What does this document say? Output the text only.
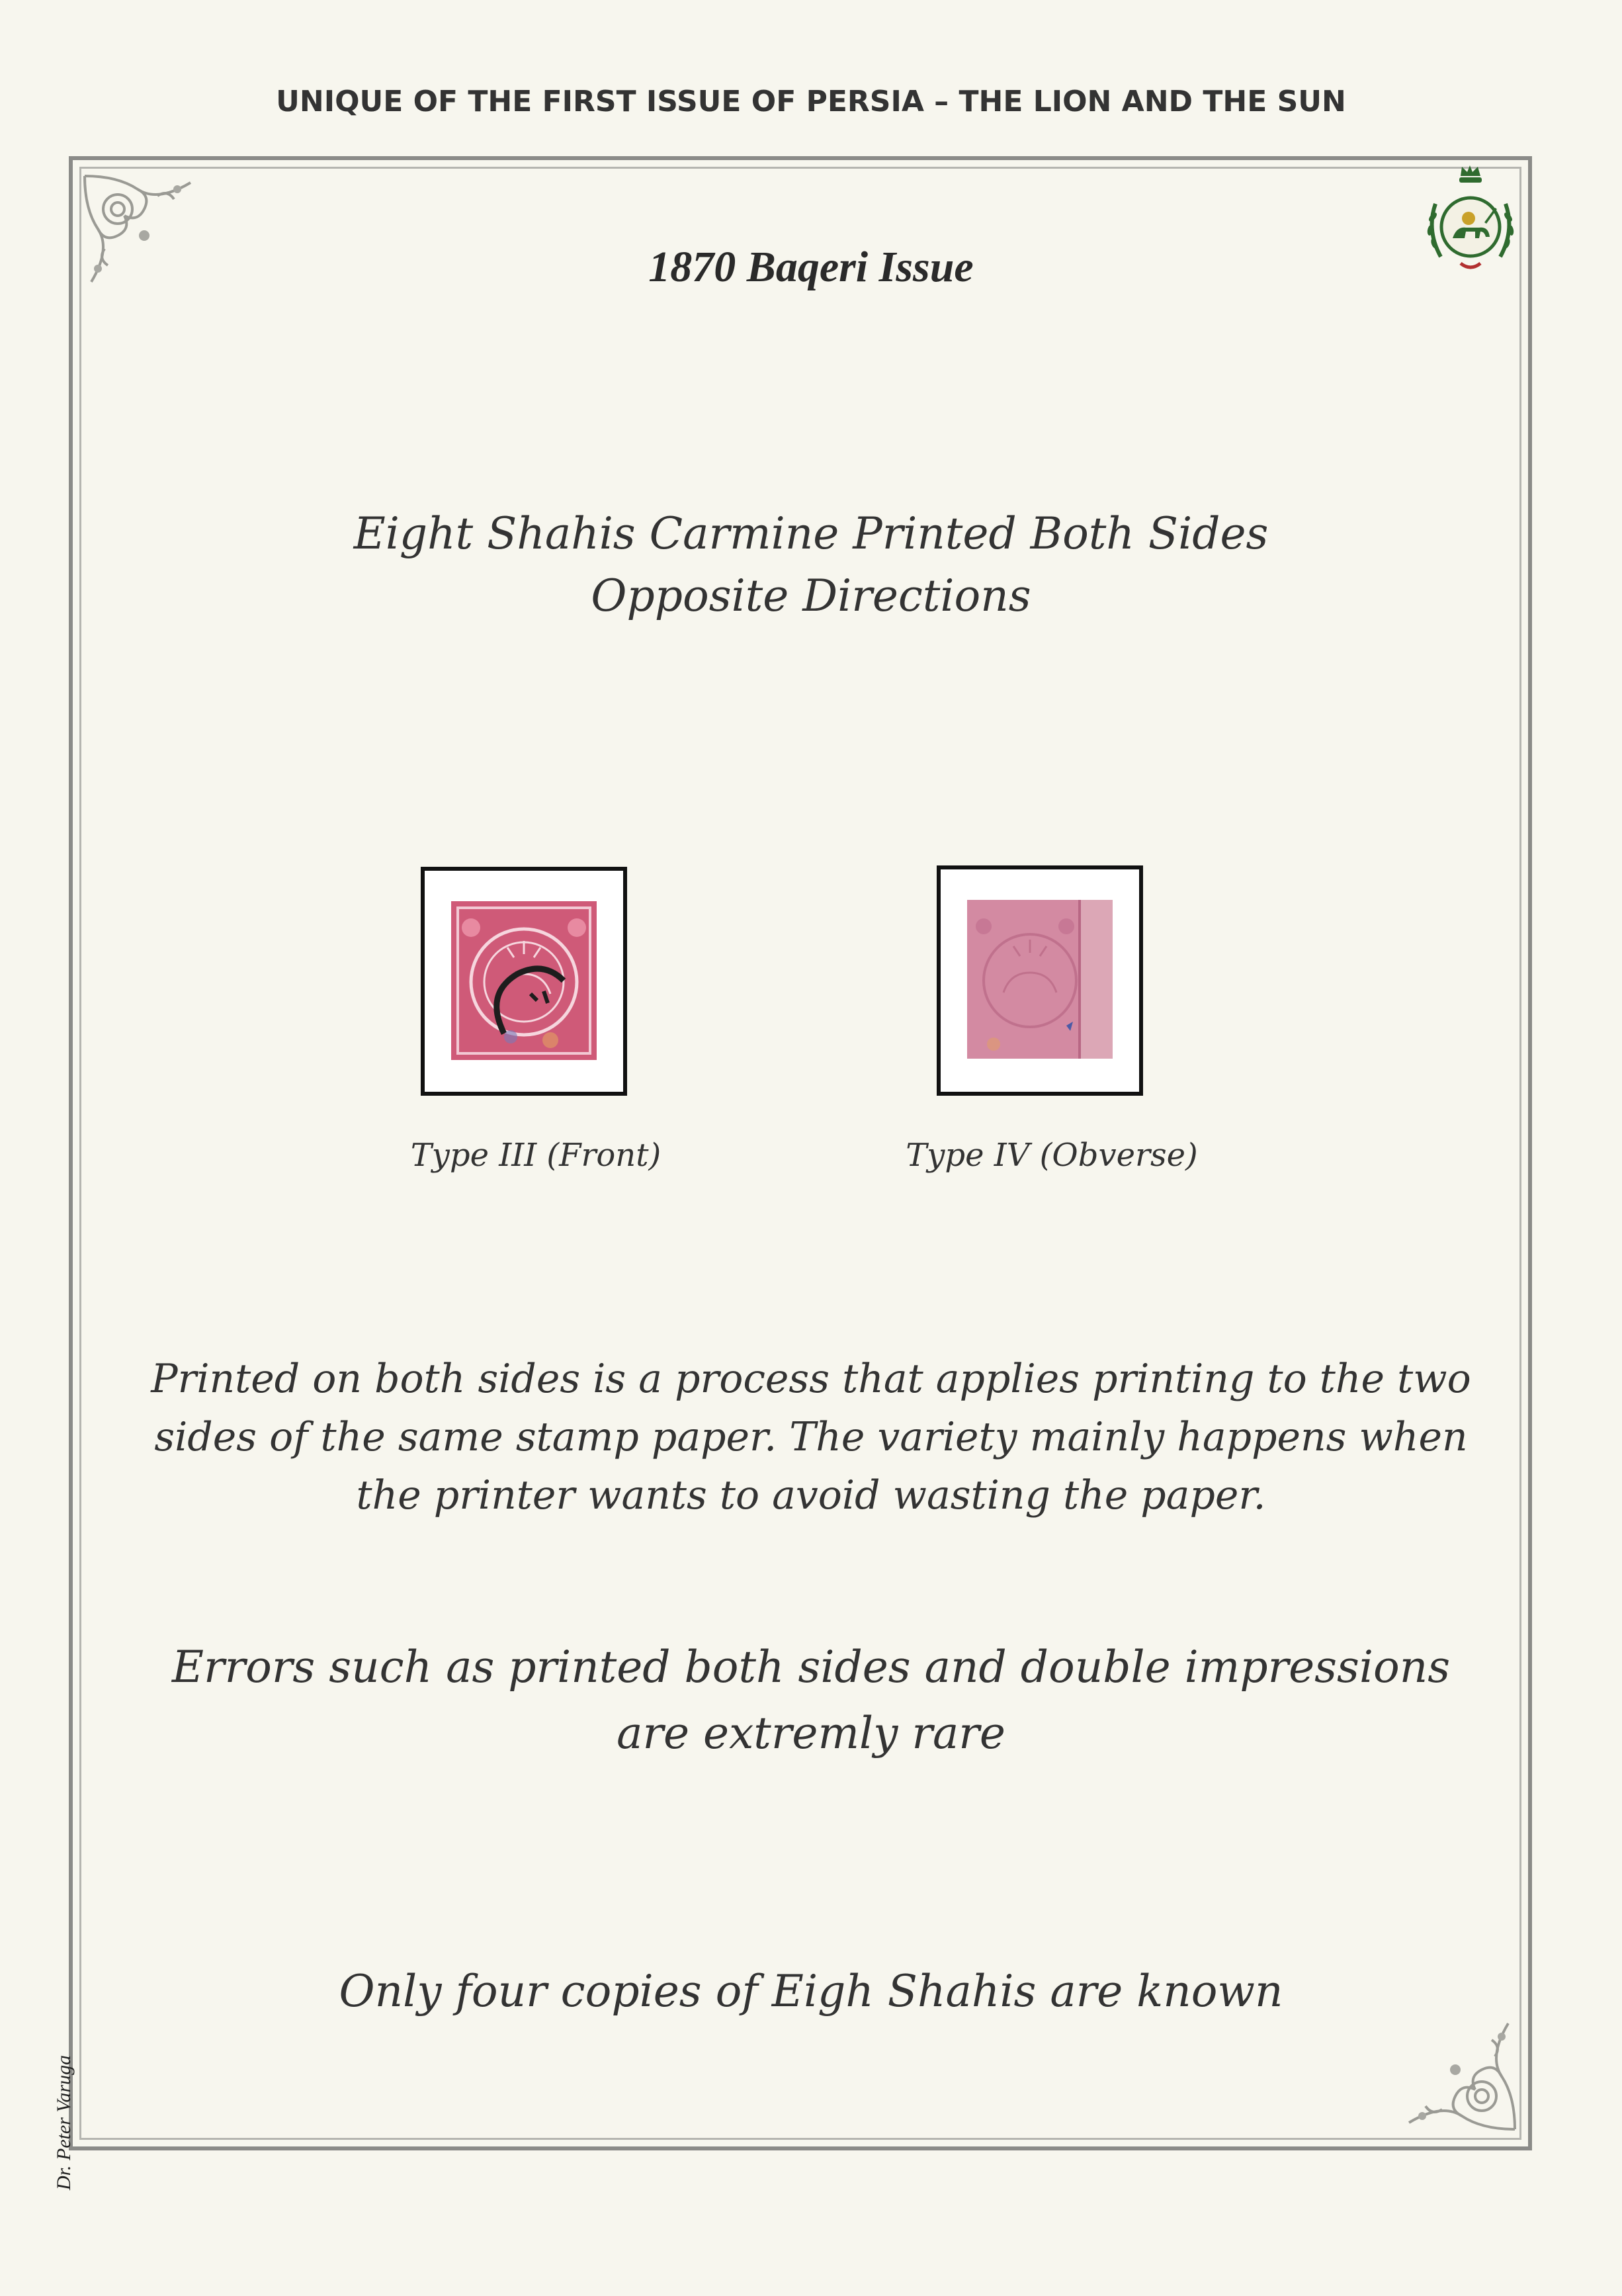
UNIQUE OF THE FIRST ISSUE OF PERSIA – THE LION AND THE SUN
1870 Baqeri Issue
Eight Shahis Carmine Printed Both Sides
Opposite Directions
Type III (Front)	Type IV (Obverse)
Printed on both sides is a process that applies printing to the two sides of the same stamp paper. The variety mainly happens when the printer wants to avoid wasting the paper.
Errors such as printed both sides and double impressions are extremly rare
Only four copies of Eigh Shahis are known
Dr. Peter Varuga
